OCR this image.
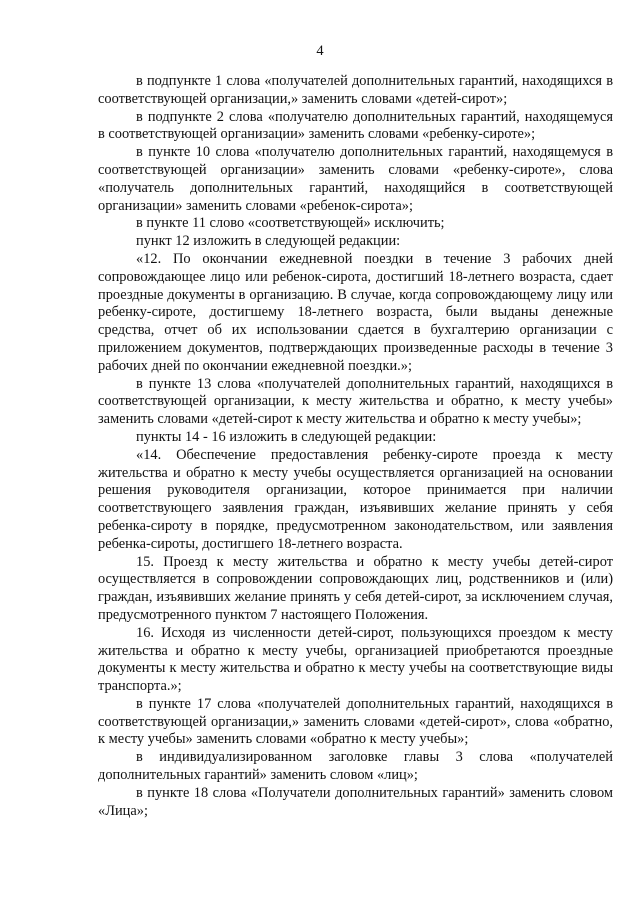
4

в подпункте 1 слова «получателей дополнительных гарантий, находящихся в соответствующей организации,» заменить словами «детей-сирот»;

в подпункте 2 слова «получателю дополнительных гарантий, находящемуся в соответствующей организации» заменить словами «ребенку-сироте»;

в пункте 10 слова «получателю дополнительных гарантий, находящемуся в соответствующей организации» заменить словами «ребенку-сироте», слова «получатель дополнительных гарантий, находящийся в соответствующей организации» заменить словами «ребенок-сирота»;

в пункте 11 слово «соответствующей» исключить;

пункт 12 изложить в следующей редакции:

«12. По окончании ежедневной поездки в течение 3 рабочих дней сопровождающее лицо или ребенок-сирота, достигший 18-летнего возраста, сдает проездные документы в организацию. В случае, когда сопровождающему лицу или ребенку-сироте, достигшему 18-летнего возраста, были выданы денежные средства, отчет об их использовании сдается в бухгалтерию организации с приложением документов, подтверждающих произведенные расходы в течение 3 рабочих дней по окончании ежедневной поездки.»;

в пункте 13 слова «получателей дополнительных гарантий, находящихся в соответствующей организации, к месту жительства и обратно, к месту учебы» заменить словами «детей-сирот к месту жительства и обратно к месту учебы»;

пункты 14 - 16 изложить в следующей редакции:

«14. Обеспечение предоставления ребенку-сироте проезда к месту жительства и обратно к месту учебы осуществляется организацией на основании решения руководителя организации, которое принимается при наличии соответствующего заявления граждан, изъявивших желание принять у себя ребенка-сироту в порядке, предусмотренном законодательством, или заявления ребенка-сироты, достигшего 18-летнего возраста.

15. Проезд к месту жительства и обратно к месту учебы детей-сирот осуществляется в сопровождении сопровождающих лиц, родственников и (или) граждан, изъявивших желание принять у себя детей-сирот, за исключением случая, предусмотренного пунктом 7 настоящего Положения.

16. Исходя из численности детей-сирот, пользующихся проездом к месту жительства и обратно к месту учебы, организацией приобретаются проездные документы к месту жительства и обратно к месту учебы на соответствующие виды транспорта.»;

в пункте 17 слова «получателей дополнительных гарантий, находящихся в соответствующей организации,» заменить словами «детей-сирот», слова «обратно, к месту учебы» заменить словами «обратно к месту учебы»;

в индивидуализированном заголовке главы 3 слова «получателей дополнительных гарантий» заменить словом «лиц»;

в пункте 18 слова «Получатели дополнительных гарантий» заменить словом «Лица»;
